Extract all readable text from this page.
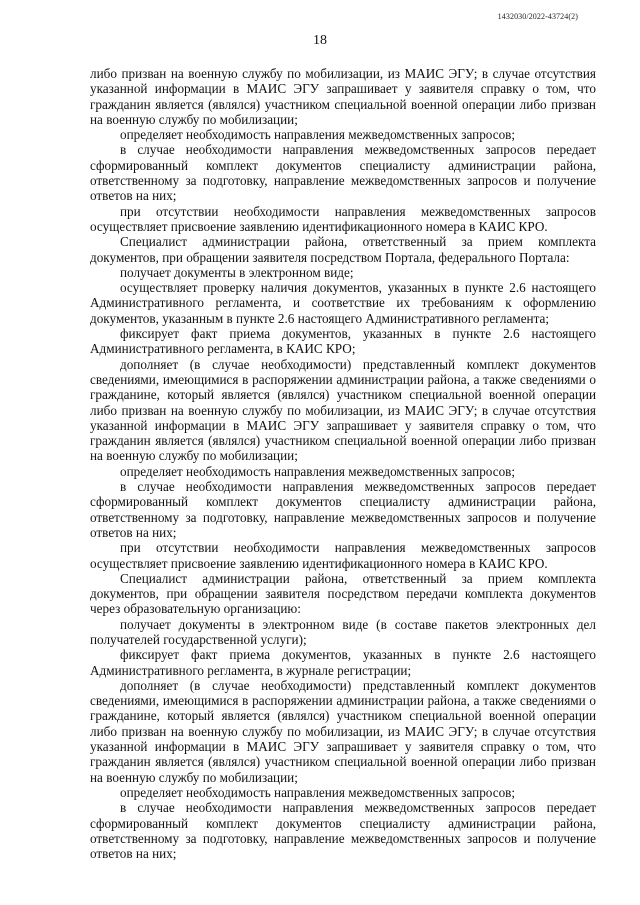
1432030/2022-43724(2)
18

либо призван на военную службу по мобилизации, из МАИС ЭГУ; в случае отсутствия указанной информации в МАИС ЭГУ запрашивает у заявителя справку о том, что гражданин является (являлся) участником специальной военной операции либо призван на военную службу по мобилизации;

определяет необходимость направления межведомственных запросов;

в случае необходимости направления межведомственных запросов передает сформированный комплект документов специалисту администрации района, ответственному за подготовку, направление межведомственных запросов и получение ответов на них;

при отсутствии необходимости направления межведомственных запросов осуществляет присвоение заявлению идентификационного номера в КАИС КРО.

Специалист администрации района, ответственный за прием комплекта документов, при обращении заявителя посредством Портала, федерального Портала:

получает документы в электронном виде;

осуществляет проверку наличия документов, указанных в пункте 2.6 настоящего Административного регламента, и соответствие их требованиям к оформлению документов, указанным в пункте 2.6 настоящего Административного регламента;

фиксирует факт приема документов, указанных в пункте 2.6 настоящего Административного регламента, в КАИС КРО;

дополняет (в случае необходимости) представленный комплект документов сведениями, имеющимися в распоряжении администрации района, а также сведениями о гражданине, который является (являлся) участником специальной военной операции либо призван на военную службу по мобилизации, из МАИС ЭГУ; в случае отсутствия указанной информации в МАИС ЭГУ запрашивает у заявителя справку о том, что гражданин является (являлся) участником специальной военной операции либо призван на военную службу по мобилизации;

определяет необходимость направления межведомственных запросов;

в случае необходимости направления межведомственных запросов передает сформированный комплект документов специалисту администрации района, ответственному за подготовку, направление межведомственных запросов и получение ответов на них;

при отсутствии необходимости направления межведомственных запросов осуществляет присвоение заявлению идентификационного номера в КАИС КРО.

Специалист администрации района, ответственный за прием комплекта документов, при обращении заявителя посредством передачи комплекта документов через образовательную организацию:

получает документы в электронном виде (в составе пакетов электронных дел получателей государственной услуги);

фиксирует факт приема документов, указанных в пункте 2.6 настоящего Административного регламента, в журнале регистрации;

дополняет (в случае необходимости) представленный комплект документов сведениями, имеющимися в распоряжении администрации района, а также сведениями о гражданине, который является (являлся) участником специальной военной операции либо призван на военную службу по мобилизации, из МАИС ЭГУ; в случае отсутствия указанной информации в МАИС ЭГУ запрашивает у заявителя справку о том, что гражданин является (являлся) участником специальной военной операции либо призван на военную службу по мобилизации;

определяет необходимость направления межведомственных запросов;

в случае необходимости направления межведомственных запросов передает сформированный комплект документов специалисту администрации района, ответственному за подготовку, направление межведомственных запросов и получение ответов на них;
